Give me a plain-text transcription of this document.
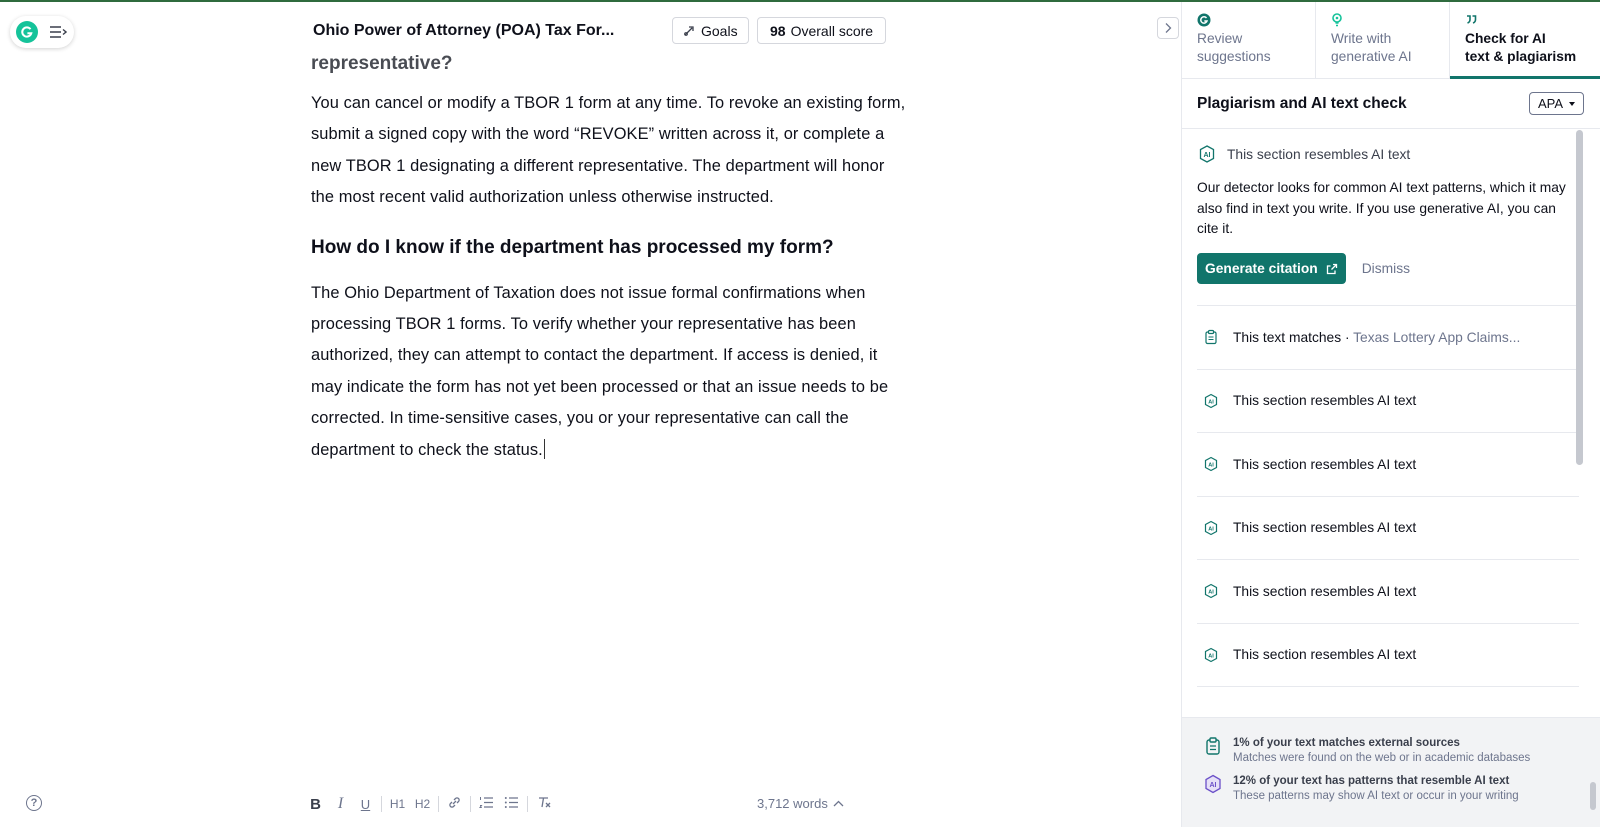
Ohio Power of Attorney (POA) Tax For...	Goals 98 Overall score
representative?

You can cancel or modify a TBOR 1 form at any time. To revoke an existing form, submit a signed copy with the word “REVOKE” written across it, or complete a new TBOR 1 designating a different representative. The department will honor the most recent valid authorization unless otherwise instructed.

How do I know if the department has processed my form?

The Ohio Department of Taxation does not issue formal confirmations when processing TBOR 1 forms. To verify whether your representative has been authorized, they can attempt to contact the department. If access is denied, it may indicate the form has not yet been processed or that an issue needs to be corrected. In time-sensitive cases, you or your representative can call the department to check the status.

?	B	I	U	H1 H2	3,712 words
Review
suggestions
Write with
generative AI
Check for AI
text & plagiarism
Plagiarism and AI text check	APA
AI This section resembles AI text
Our detector looks for common AI text patterns, which it may also find in text you write. If you use generative AI, you can cite it.
Generate citation	Dismiss
This text matches · Texas Lottery App Claims...
AI This section resembles AI text
AI This section resembles AI text
AI This section resembles AI text
AI This section resembles AI text
AI This section resembles AI text
1% of your text matches external sources
Matches were found on the web or in academic databases
AI 12% of your text has patterns that resemble AI text
These patterns may show AI text or occur in your writing
